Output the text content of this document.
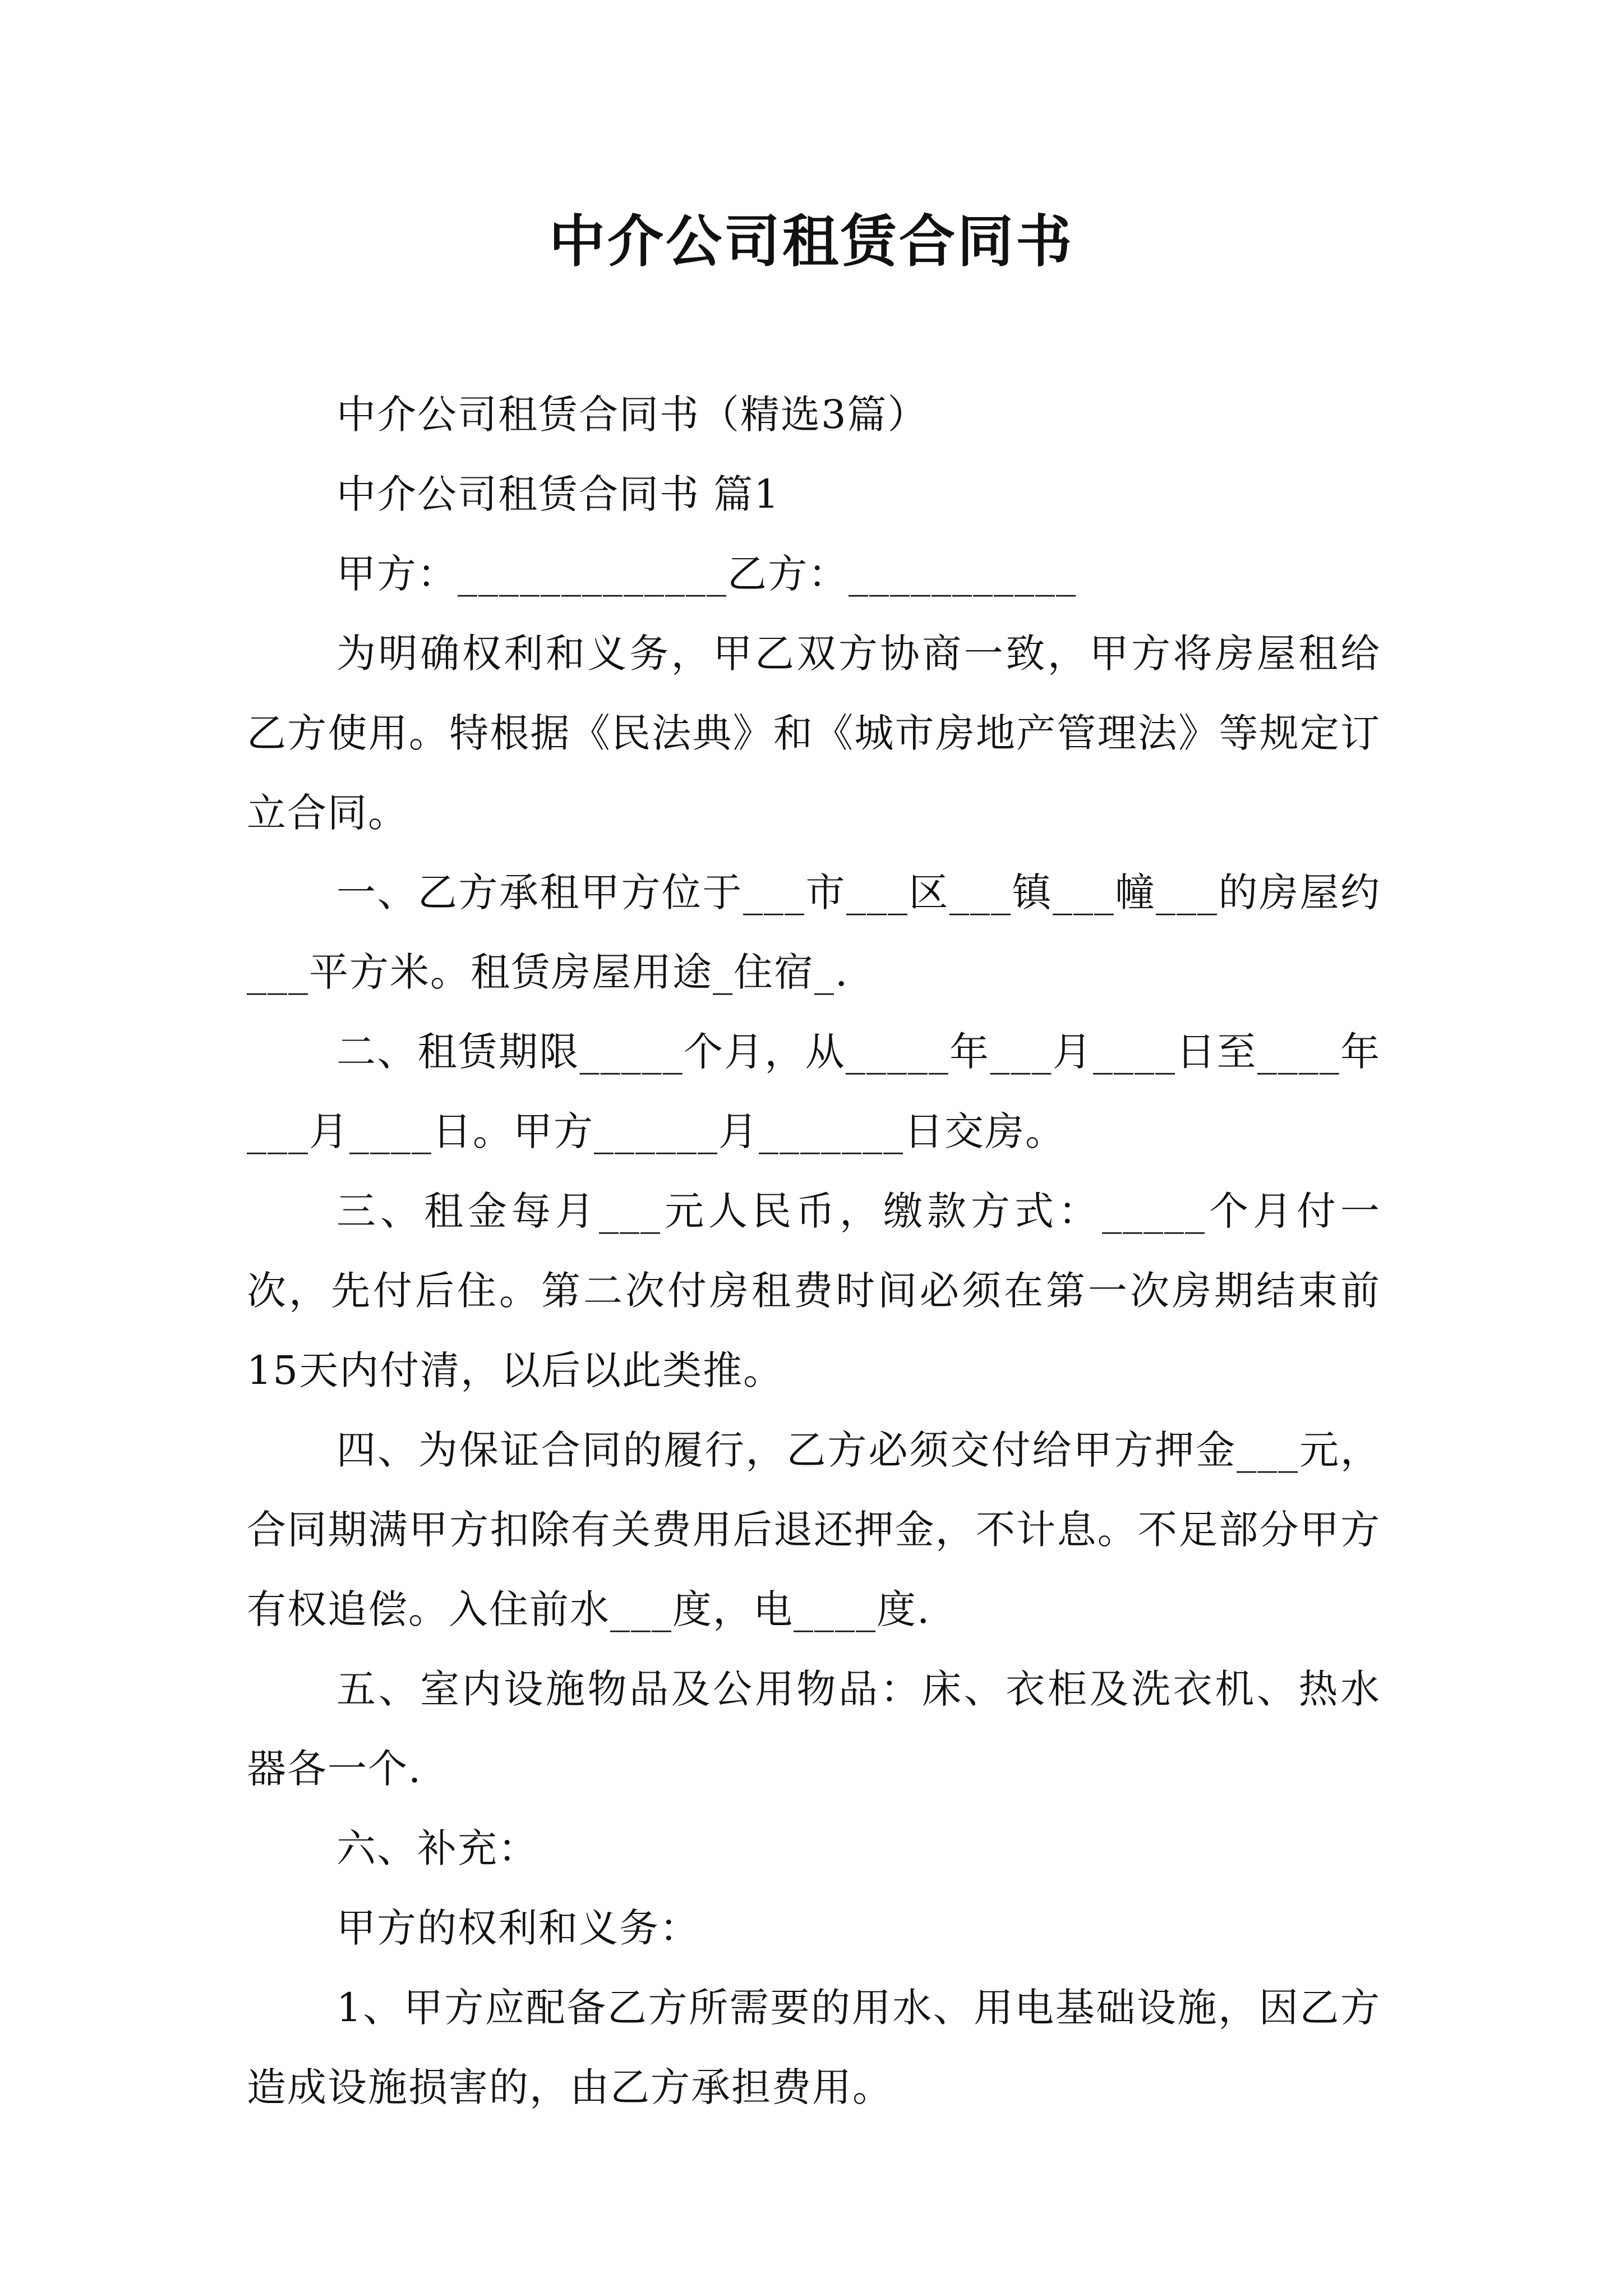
中介公司租赁合同书

中介公司租赁合同书（精选3篇）

中介公司租赁合同书 篇1

甲方：_____________乙方：___________

为明确权利和义务，甲乙双方协商一致，甲方将房屋租给乙方使用。特根据《民法典》和《城市房地产管理法》等规定订立合同。

一、乙方承租甲方位于___市___区___镇___幢___的房屋约___平方米。租赁房屋用途_住宿_.

二、租赁期限_____个月，从_____年___月____日至____年___月____日。甲方______月_______日交房。

三、租金每月___元人民币，缴款方式：_____个月付一次，先付后住。第二次付房租费时间必须在第一次房期结束前15天内付清，以后以此类推。

四、为保证合同的履行，乙方必须交付给甲方押金___元，合同期满甲方扣除有关费用后退还押金，不计息。不足部分甲方有权追偿。入住前水___度，电____度.

五、室内设施物品及公用物品：床、衣柜及洗衣机、热水器各一个.

六、补充：

甲方的权利和义务：

1、甲方应配备乙方所需要的用水、用电基础设施，因乙方造成设施损害的，由乙方承担费用。
